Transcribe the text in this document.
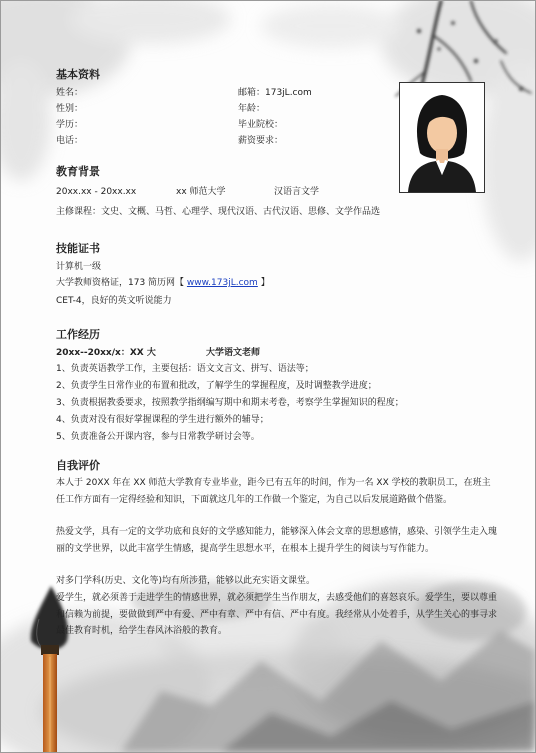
基本资料
姓名：	邮箱：173jL.com
性别：	年龄：
学历：	毕业院校：
电话：	薪资要求：
教育背景
20xx.xx - 20xx.xx	xx 师范大学	汉语言文学
主修课程：文史、文概、马哲、心理学、现代汉语、古代汉语、思修、文学作品选
技能证书
计算机一级
大学教师资格证，173 简历网【 www.173jL.com 】
CET-4，良好的英文听说能力
工作经历
20xx--20xx/x：XX 大	大学语文老师
1、负责英语教学工作，主要包括：语文文言文、拼写、语法等；
2、负责学生日常作业的布置和批改，了解学生的掌握程度，及时调整教学进度；
3、负责根据教委要求，按照教学指纲编写期中和期末考卷，考察学生掌握知识的程度；
4、负责对没有很好掌握课程的学生进行额外的辅导；
5、负责准备公开课内容，参与日常教学研讨会等。
自我评价
本人于 20XX 年在 XX 师范大学教育专业毕业，距今已有五年的时间，作为一名 XX 学校的教职员工，在班主任工作方面有一定得经验和知识，下面就这几年的工作做一个鉴定，为自己以后发展道路做个借鉴。
热爱文学，具有一定的文学功底和良好的文学感知能力，能够深入体会文章的思想感情，感染、引领学生走入瑰丽的文学世界，以此丰富学生情感，提高学生思想水平，在根本上提升学生的阅读与写作能力。
对多门学科(历史、文化等)均有所涉猎，能够以此充实语文课堂。
爱学生，就必须善于走进学生的情感世界，就必须把学生当作朋友，去感受他们的喜怒哀乐。爱学生，要以尊重和信赖为前提，要做做到严中有爱、严中有章、严中有信、严中有度。我经常从小处着手，从学生关心的事寻求最佳教育时机，给学生春风沐浴般的教育。
